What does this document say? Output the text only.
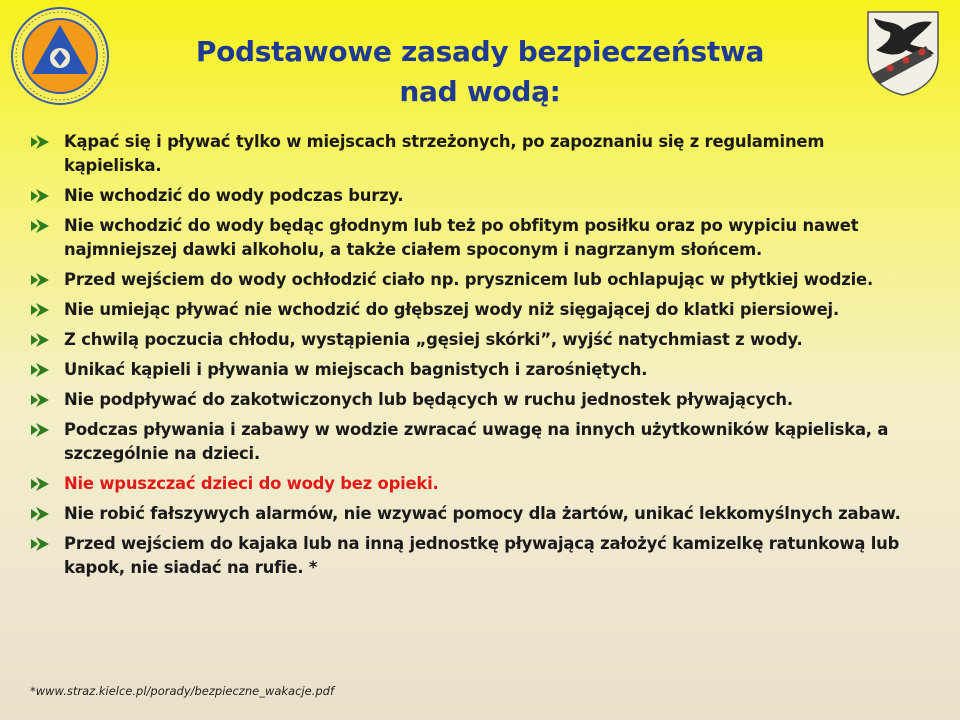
Podstawowe zasady bezpieczeństwa
nad wodą:
Kąpać się i pływać tylko w miejscach strzeżonych, po zapoznaniu się z regulaminem kąpieliska.
Nie wchodzić do wody podczas burzy.
Nie wchodzić do wody będąc głodnym lub też po obfitym posiłku oraz po wypiciu nawet najmniejszej dawki alkoholu, a także ciałem spoconym i nagrzanym słońcem.
Przed wejściem do wody ochłodzić ciało np. prysznicem lub ochlapując w płytkiej wodzie.
Nie umiejąc pływać nie wchodzić do głębszej wody niż sięgającej do klatki piersiowej.
Z chwilą poczucia chłodu, wystąpienia „gęsiej skórki”, wyjść natychmiast z wody.
Unikać kąpieli i pływania w miejscach bagnistych i zarośniętych.
Nie podpływać do zakotwiczonych lub będących w ruchu jednostek pływających.
Podczas pływania i zabawy w wodzie zwracać uwagę na innych użytkowników kąpieliska, a szczególnie na dzieci.
Nie wpuszczać dzieci do wody bez opieki.
Nie robić fałszywych alarmów, nie wzywać pomocy dla żartów, unikać lekkomyślnych zabaw.
Przed wejściem do kajaka lub na inną jednostkę pływającą założyć kamizelkę ratunkową lub kapok, nie siadać na rufie. *
*www.straz.kielce.pl/porady/bezpieczne_wakacje.pdf
